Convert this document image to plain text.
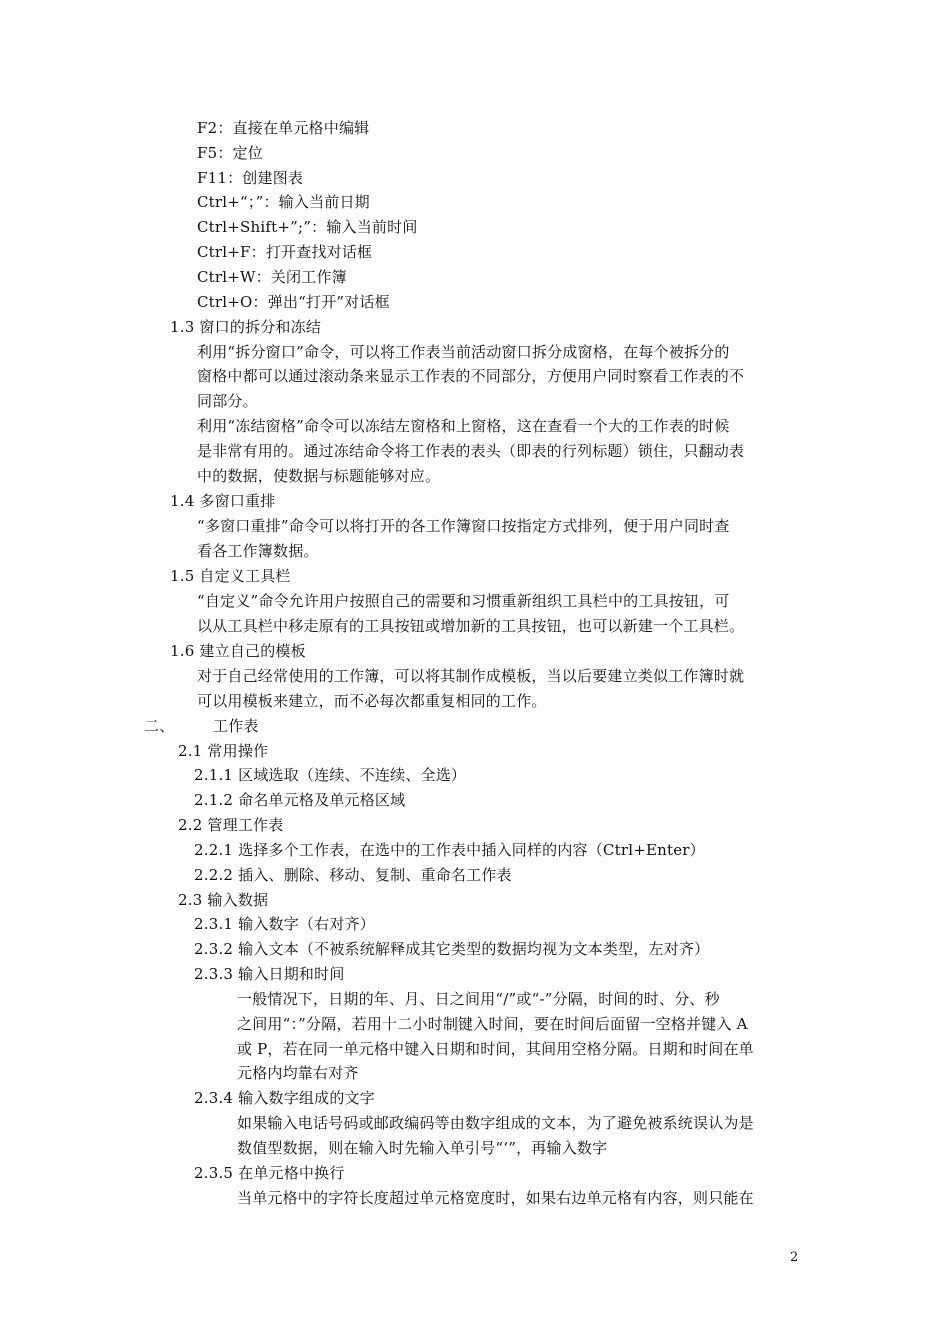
F2：直接在单元格中编辑
F5：定位
F11：创建图表
Ctrl+“；”：输入当前日期
Ctrl+Shift+”;”：输入当前时间
Ctrl+F：打开查找对话框
Ctrl+W：关闭工作簿
Ctrl+O：弹出“打开”对话框
1.3 窗口的拆分和冻结
利用“拆分窗口”命令，可以将工作表当前活动窗口拆分成窗格，在每个被拆分的
窗格中都可以通过滚动条来显示工作表的不同部分，方便用户同时察看工作表的不
同部分。
利用“冻结窗格”命令可以冻结左窗格和上窗格，这在查看一个大的工作表的时候
是非常有用的。通过冻结命令将工作表的表头（即表的行列标题）锁住，只翻动表
中的数据，使数据与标题能够对应。
1.4 多窗口重排
“多窗口重排”命令可以将打开的各工作簿窗口按指定方式排列，便于用户同时查
看各工作簿数据。
1.5 自定义工具栏
“自定义”命令允许用户按照自己的需要和习惯重新组织工具栏中的工具按钮，可
以从工具栏中移走原有的工具按钮或增加新的工具按钮，也可以新建一个工具栏。
1.6 建立自己的模板
对于自己经常使用的工作簿，可以将其制作成模板，当以后要建立类似工作簿时就
可以用模板来建立，而不必每次都重复相同的工作。
二、	工作表
2.1 常用操作
2.1.1 区域选取（连续、不连续、全选）
2.1.2 命名单元格及单元格区域
2.2 管理工作表
2.2.1 选择多个工作表，在选中的工作表中插入同样的内容（Ctrl+Enter）
2.2.2 插入、删除、移动、复制、重命名工作表
2.3 输入数据
2.3.1 输入数字（右对齐）
2.3.2 输入文本（不被系统解释成其它类型的数据均视为文本类型，左对齐）
2.3.3 输入日期和时间
一般情况下，日期的年、月、日之间用“/”或“-”分隔，时间的时、分、秒
之间用“：”分隔，若用十二小时制键入时间，要在时间后面留一空格并键入 A
或 P，若在同一单元格中键入日期和时间，其间用空格分隔。日期和时间在单
元格内均靠右对齐
2.3.4 输入数字组成的文字
如果输入电话号码或邮政编码等由数字组成的文本，为了避免被系统误认为是
数值型数据，则在输入时先输入单引号“‘”，再输入数字
2.3.5 在单元格中换行
当单元格中的字符长度超过单元格宽度时，如果右边单元格有内容，则只能在
2
